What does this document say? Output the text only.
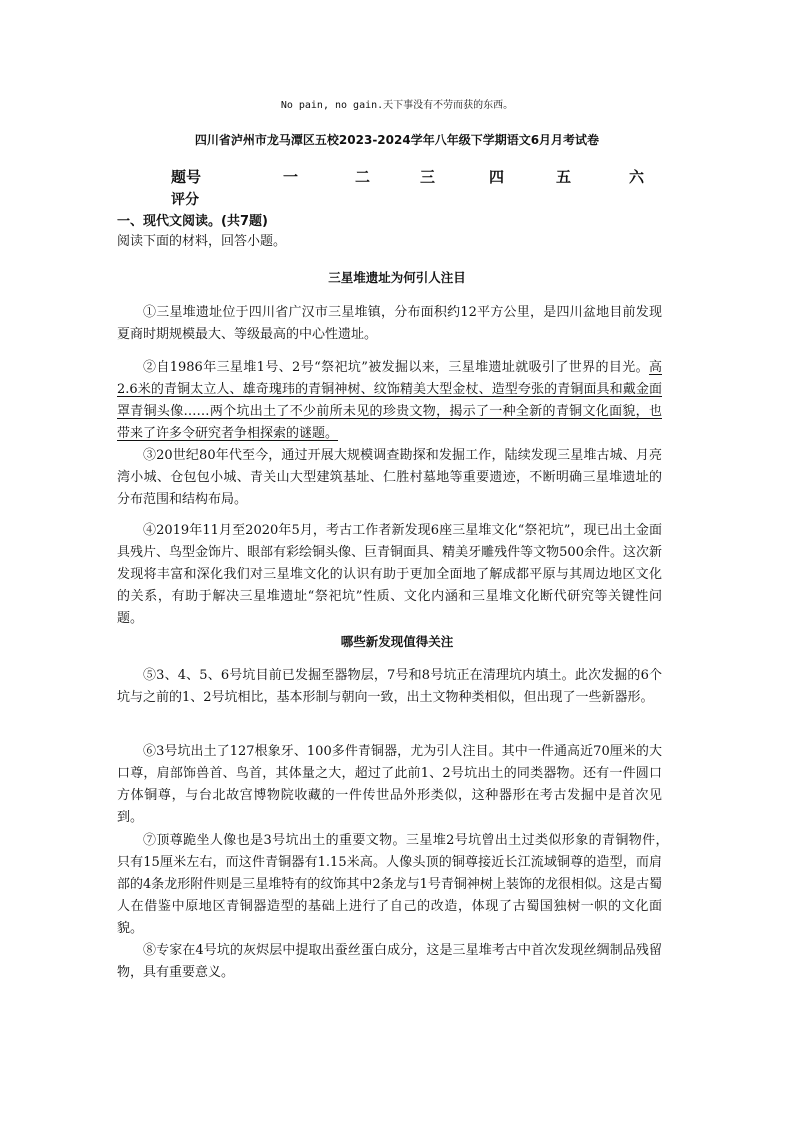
No pain, no gain.天下事没有不劳而获的东西。
四川省泸州市龙马潭区五校2023-2024学年八年级下学期语文6月月考试卷
题号	一	二	三	四	五	六
评分
一、现代文阅读。(共7题)
阅读下面的材料，回答小题。
三星堆遗址为何引人注目
①三星堆遗址位于四川省广汉市三星堆镇，分布面积约12平方公里，是四川盆地目前发现夏商时期规模最大、等级最高的中心性遗址。
②自1986年三星堆1号、2号“祭祀坑”被发掘以来，三星堆遗址就吸引了世界的目光。高2.6米的青铜太立人、雄奇瑰玮的青铜神树、纹饰精美大型金杖、造型夸张的青铜面具和戴金面罩青铜头像……两个坑出土了不少前所未见的珍贵文物，揭示了一种全新的青铜文化面貌，也带来了许多令研究者争相探索的谜题。
③20世纪80年代至今，通过开展大规模调查勘探和发掘工作，陆续发现三星堆古城、月亮湾小城、仓包包小城、青关山大型建筑基址、仁胜村墓地等重要遗迹，不断明确三星堆遗址的分布范围和结构布局。
④2019年11月至2020年5月，考古工作者新发现6座三星堆文化“祭祀坑”，现已出土金面具残片、鸟型金饰片、眼部有彩绘铜头像、巨青铜面具、精美牙雕残件等文物500余件。这次新发现将丰富和深化我们对三星堆文化的认识有助于更加全面地了解成都平原与其周边地区文化的关系，有助于解决三星堆遗址“祭祀坑”性质、文化内涵和三星堆文化断代研究等关键性问题。
哪些新发现值得关注
⑤3、4、5、6号坑目前已发掘至器物层，7号和8号坑正在清理坑内填土。此次发掘的6个坑与之前的1、2号坑相比，基本形制与朝向一致，出土文物种类相似，但出现了一些新器形。
⑥3号坑出土了127根象牙、100多件青铜器，尤为引人注目。其中一件通高近70厘米的大口尊，肩部饰兽首、鸟首，其体量之大，超过了此前1、2号坑出土的同类器物。还有一件圆口方体铜尊，与台北故宫博物院收藏的一件传世品外形类似，这种器形在考古发掘中是首次见到。
⑦顶尊跪坐人像也是3号坑出土的重要文物。三星堆2号坑曾出土过类似形象的青铜物件，　只有15厘米左右，而这件青铜器有1.15米高。人像头顶的铜尊接近长江流域铜尊的造型，而肩部的4条龙形附件则是三星堆特有的纹饰其中2条龙与1号青铜神树上装饰的龙很相似。这是古蜀人在借鉴中原地区青铜器造型的基础上进行了自己的改造，体现了古蜀国独树一帜的文化面貌。
⑧专家在4号坑的灰烬层中提取出蚕丝蛋白成分，这是三星堆考古中首次发现丝绸制品残留物，具有重要意义。
